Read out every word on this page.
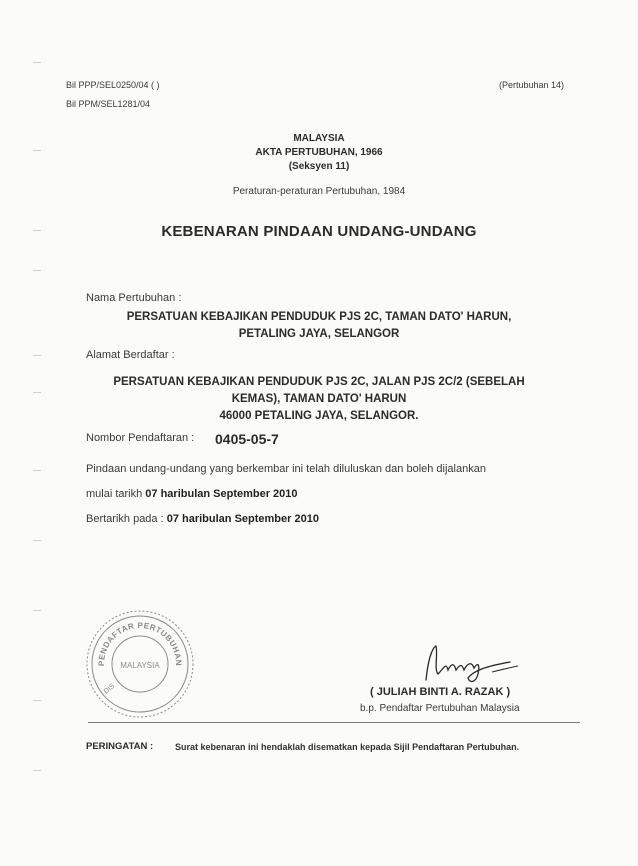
Bil PPP/SEL0250/04 ( )
Bil PPM/SEL1281/04
(Pertubuhan 14)
MALAYSIA
AKTA PERTUBUHAN, 1966
(Seksyen 11)
Peraturan-peraturan Pertubuhan, 1984
KEBENARAN PINDAAN UNDANG-UNDANG
Nama Pertubuhan :
PERSATUAN KEBAJIKAN PENDUDUK PJS 2C, TAMAN DATO' HARUN,
PETALING JAYA, SELANGOR
Alamat Berdaftar :
PERSATUAN KEBAJIKAN PENDUDUK PJS 2C, JALAN PJS 2C/2 (SEBELAH
KEMAS), TAMAN DATO' HARUN
46000 PETALING JAYA, SELANGOR.
Nombor Pendaftaran : 0405-05-7
Pindaan undang-undang yang berkembar ini telah diluluskan dan boleh dijalankan
mulai tarikh 07 haribulan September 2010
Bertarikh pada : 07 haribulan September 2010
PENDAFTAR PERTUBUHAN
MALAYSIA
DIS	( JULIAH BINTI A. RAZAK )
b.p. Pendaftar Pertubuhan Malaysia
PERINGATAN : Surat kebenaran ini hendaklah disematkan kepada Sijil Pendaftaran Pertubuhan.
